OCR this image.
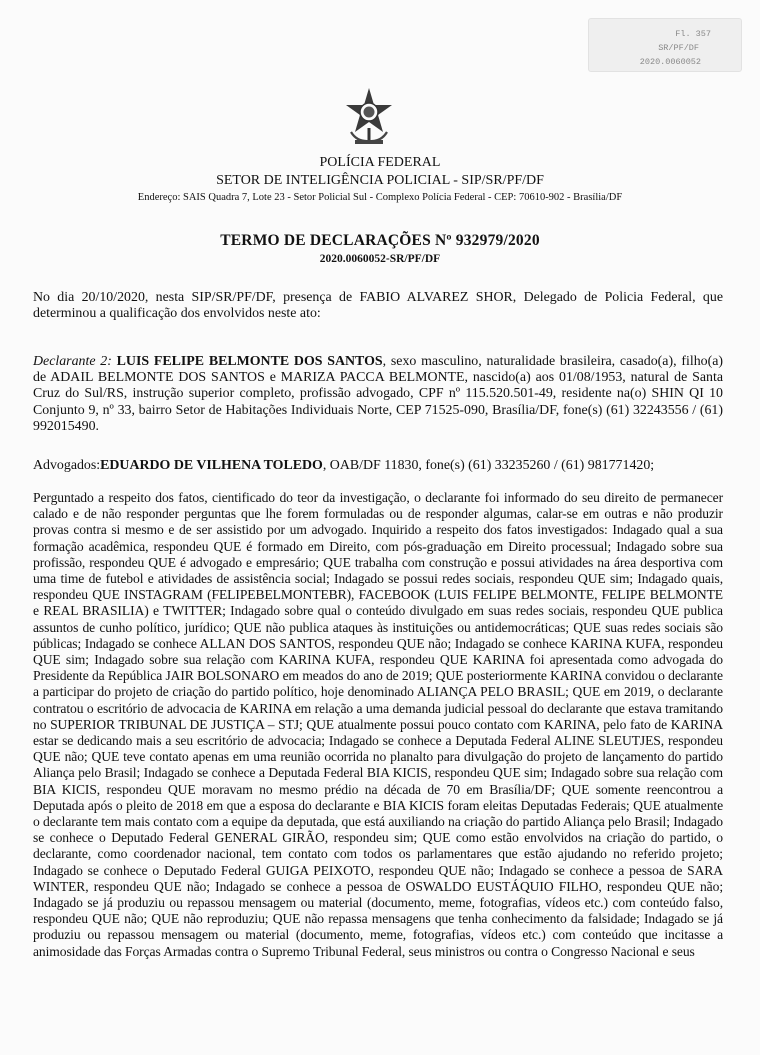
Fl. 357
SR/PF/DF
2020.0060052
POLÍCIA FEDERAL
SETOR DE INTELIGÊNCIA POLICIAL - SIP/SR/PF/DF
Endereço: SAIS Quadra 7, Lote 23 - Setor Policial Sul - Complexo Polícia Federal - CEP: 70610-902 - Brasília/DF
TERMO DE DECLARAÇÕES Nº 932979/2020
2020.0060052-SR/PF/DF
No dia 20/10/2020, nesta SIP/SR/PF/DF, presença de FABIO ALVAREZ SHOR, Delegado de Policia Federal, que determinou a qualificação dos envolvidos neste ato:
Declarante 2: LUIS FELIPE BELMONTE DOS SANTOS, sexo masculino, naturalidade brasileira, casado(a), filho(a) de ADAIL BELMONTE DOS SANTOS e MARIZA PACCA BELMONTE, nascido(a) aos 01/08/1953, natural de Santa Cruz do Sul/RS, instrução superior completo, profissão advogado, CPF nº 115.520.501-49, residente na(o) SHIN QI 10 Conjunto 9, nº 33, bairro Setor de Habitações Individuais Norte, CEP 71525-090, Brasília/DF, fone(s) (61) 32243556 / (61) 992015490.
Advogados:EDUARDO DE VILHENA TOLEDO, OAB/DF 11830, fone(s) (61) 33235260 / (61) 981771420;
Perguntado a respeito dos fatos, cientificado do teor da investigação, o declarante foi informado do seu direito de permanecer calado e de não responder perguntas que lhe forem formuladas ou de responder algumas, calar-se em outras e não produzir provas contra si mesmo e de ser assistido por um advogado. Inquirido a respeito dos fatos investigados: Indagado qual a sua formação acadêmica, respondeu QUE é formado em Direito, com pós-graduação em Direito processual; Indagado sobre sua profissão, respondeu QUE é advogado e empresário; QUE trabalha com construção e possui atividades na área desportiva com uma time de futebol e atividades de assistência social; Indagado se possui redes sociais, respondeu QUE sim; Indagado quais, respondeu QUE INSTAGRAM (FELIPEBELMONTEBR), FACEBOOK (LUIS FELIPE BELMONTE, FELIPE BELMONTE e REAL BRASILIA) e TWITTER; Indagado sobre qual o conteúdo divulgado em suas redes sociais, respondeu QUE publica assuntos de cunho político, jurídico; QUE não publica ataques às instituições ou antidemocráticas; QUE suas redes sociais são públicas; Indagado se conhece ALLAN DOS SANTOS, respondeu QUE não; Indagado se conhece KARINA KUFA, respondeu QUE sim; Indagado sobre sua relação com KARINA KUFA, respondeu QUE KARINA foi apresentada como advogada do Presidente da República JAIR BOLSONARO em meados do ano de 2019; QUE posteriormente KARINA convidou o declarante a participar do projeto de criação do partido político, hoje denominado ALIANÇA PELO BRASIL; QUE em 2019, o declarante contratou o escritório de advocacia de KARINA em relação a uma demanda judicial pessoal do declarante que estava tramitando no SUPERIOR TRIBUNAL DE JUSTIÇA – STJ; QUE atualmente possui pouco contato com KARINA, pelo fato de KARINA estar se dedicando mais a seu escritório de advocacia; Indagado se conhece a Deputada Federal ALINE SLEUTJES, respondeu QUE não; QUE teve contato apenas em uma reunião ocorrida no planalto para divulgação do projeto de lançamento do partido Aliança pelo Brasil; Indagado se conhece a Deputada Federal BIA KICIS, respondeu QUE sim; Indagado sobre sua relação com BIA KICIS, respondeu QUE moravam no mesmo prédio na década de 70 em Brasília/DF; QUE somente reencontrou a Deputada após o pleito de 2018 em que a esposa do declarante e BIA KICIS foram eleitas Deputadas Federais; QUE atualmente o declarante tem mais contato com a equipe da deputada, que está auxiliando na criação do partido Aliança pelo Brasil; Indagado se conhece o Deputado Federal GENERAL GIRÃO, respondeu sim; QUE como estão envolvidos na criação do partido, o declarante, como coordenador nacional, tem contato com todos os parlamentares que estão ajudando no referido projeto; Indagado se conhece o Deputado Federal GUIGA PEIXOTO, respondeu QUE não; Indagado se conhece a pessoa de SARA WINTER, respondeu QUE não; Indagado se conhece a pessoa de OSWALDO EUSTÁQUIO FILHO, respondeu QUE não; Indagado se já produziu ou repassou mensagem ou material (documento, meme, fotografias, vídeos etc.) com conteúdo falso, respondeu QUE não; QUE não reproduziu; QUE não repassa mensagens que tenha conhecimento da falsidade; Indagado se já produziu ou repassou mensagem ou material (documento, meme, fotografias, vídeos etc.) com conteúdo que incitasse a animosidade das Forças Armadas contra o Supremo Tribunal Federal, seus ministros ou contra o Congresso Nacional e seus
